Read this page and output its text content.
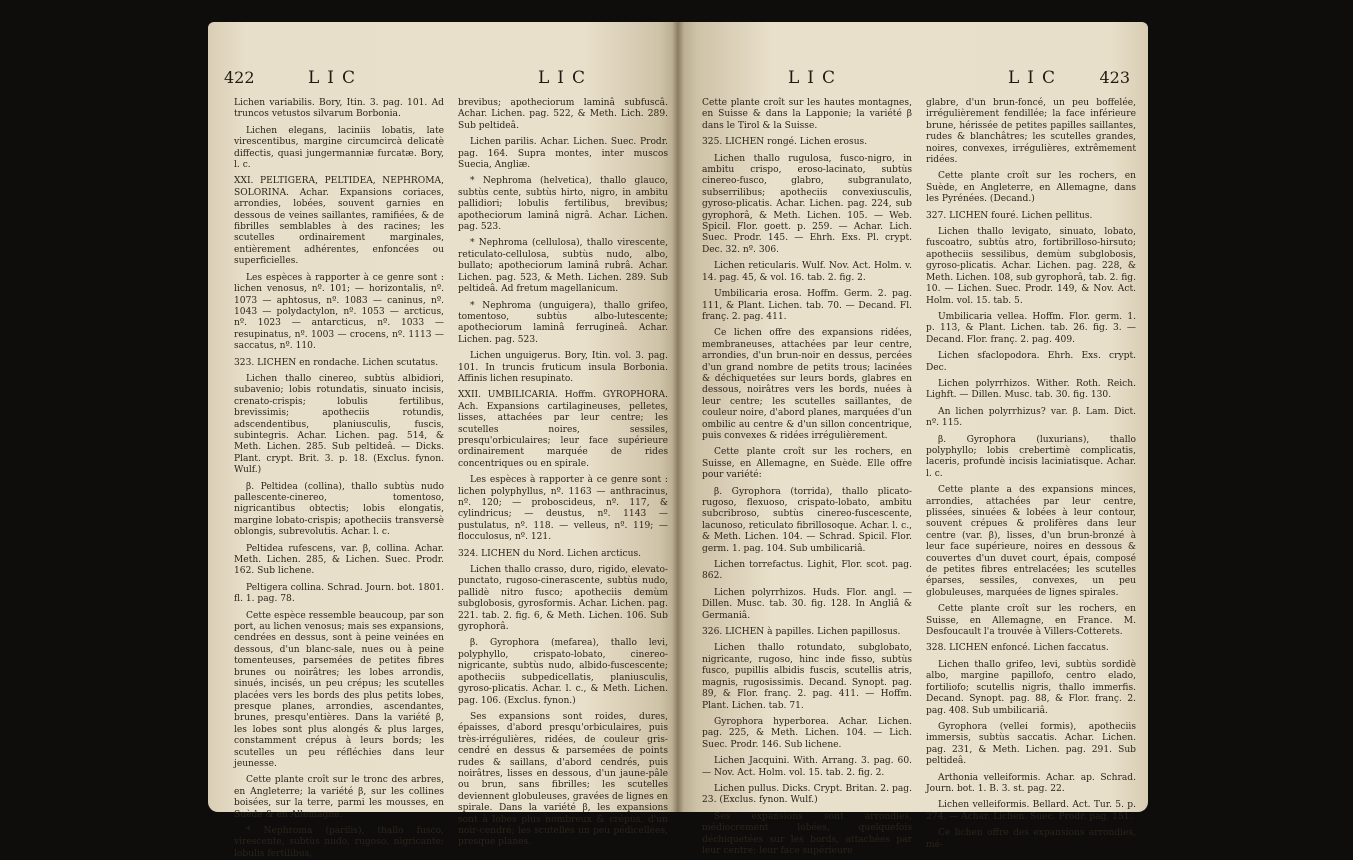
422	LIC	LIC

Lichen variabilis. Bory, Itin. 3. pag. 101. Ad truncos vetustos silvarum Borbonia.

Lichen elegans, laciniis lobatis, late virescentibus, margine circumcircà delicatè diffectis, quasi jungermanniæ furcatæ. Bory, l. c.

XXI. PELTIGERA, PELTIDEA, NEPHROMA, SOLORINA. Achar. Expansions coriaces, arrondies, lobées, souvent garnies en dessous de veines saillantes, ramifiées, & de fibrilles semblables à des racines; les scutelles ordinairement marginales, entièrement adhérentes, enfoncées ou superficielles.

Les espèces à rapporter à ce genre sont : lichen venosus, nº. 101; — horizontalis, nº. 1073 — aphtosus, nº. 1083 — caninus, nº. 1043 — polydactylon, nº. 1053 — arcticus, nº. 1023 — antarcticus, nº. 1033 — resupinatus, nº. 1003 — crocens, nº. 1113 — saccatus, nº. 110.

323. LICHEN en rondache. Lichen scutatus.

Lichen thallo cinereo, subtùs albidiori, subavenio; lobis rotundatis, sinuato incisis, crenato-crispis; lobulis fertilibus, brevissimis; apotheciis rotundis, adscendentibus, planiusculis, fuscis, subintegris. Achar. Lichen. pag. 514, & Meth. Lichen. 285. Sub peltideâ. — Dicks. Plant. crypt. Brit. 3. p. 18. (Exclus. fynon. Wulf.)

β. Peltidea (collina), thallo subtùs nudo pallescente-cinereo, tomentoso, nigricantibus obtectis; lobis elongatis, margine lobato-crispis; apotheciis transversè oblongis, subrevolutis. Achar. l. c.

Peltidea rufescens, var. β, collina. Achar. Meth. Lichen. 285, & Lichen. Suec. Prodr. 162. Sub lichene.

Peltigera collina. Schrad. Journ. bot. 1801. fl. 1. pag. 78.

Cette espèce ressemble beaucoup, par son port, au lichen venosus; mais ses expansions, cendrées en dessus, sont à peine veinées en dessous, d'un blanc-sale, nues ou à peine tomenteuses, parsemées de petites fibres brunes ou noirâtres; les lobes arrondis, sinués, incisés, un peu crépus; les scutelles placées vers les bords des plus petits lobes, presque planes, arrondies, ascendantes, brunes, presqu'entières. Dans la variété β, les lobes sont plus alongés & plus larges, constamment crépus à leurs bords; les scutelles un peu réfléchies dans leur jeunesse.

Cette plante croît sur le tronc des arbres, en Angleterre; la variété β, sur les collines boisées, sur la terre, parmi les mousses, en Suède & en Allemagne.

* Nephroma (parilis), thallo fusco, virescente, subtùs nudo, rugoso, nigricante; lobulis fertilibus,

brevibus; apotheciorum laminâ subfuscâ. Achar. Lichen. pag. 522, & Meth. Lich. 289. Sub peltideâ.

Lichen parilis. Achar. Lichen. Suec. Prodr. pag. 164. Supra montes, inter muscos Suecia, Angliæ.

* Nephroma (helvetica), thallo glauco, subtùs cente, subtùs hirto, nigro, in ambitu pallidiori; lobulis fertilibus, brevibus; apotheciorum laminâ nigrâ. Achar. Lichen. pag. 523.

* Nephroma (cellulosa), thallo virescente, reticulato-cellulosa, subtùs nudo, albo, bullato; apotheciorum laminâ rubrâ. Achar. Lichen. pag. 523, & Meth. Lichen. 289. Sub peltideâ. Ad fretum magellanicum.

* Nephroma (unguigera), thallo grifeo, tomentoso, subtùs albo-lutescente; apotheciorum laminâ ferrugineâ. Achar. Lichen. pag. 523.

Lichen unguigerus. Bory, Itin. vol. 3. pag. 101. In truncis fruticum insula Borbonia. Affinis lichen resupinato.

XXII. UMBILICARIA. Hoffm. GYROPHORA. Ach. Expansions cartilagineuses, pelletes, lisses, attachées par leur centre; les scutelles noires, sessiles, presqu'orbiculaires; leur face supérieure ordinairement marquée de rides concentriques ou en spirale.

Les espèces à rapporter à ce genre sont : lichen polyphyllus, nº. 1163 — anthracinus, nº. 120; — proboscideus, nº. 117, & cylindricus; — deustus, nº. 1143 — pustulatus, nº. 118. — velleus, nº. 119; — flocculosus, nº. 121.

324. LICHEN du Nord. Lichen arcticus.

Lichen thallo crasso, duro, rigido, elevato-punctato, rugoso-cinerascente, subtùs nudo, pallidè nitro fusco; apotheciis demùm subglobosis, gyrosformis. Achar. Lichen. pag. 221. tab. 2. fig. 6, & Meth. Lichen. 106. Sub gyrophorâ.

β. Gyrophora (mefarea), thallo levi, polyphyllo, crispato-lobato, cinereo-nigricante, subtùs nudo, albido-fuscescente; apotheciis subpedicellatis, planiusculis, gyroso-plicatis. Achar. l. c., & Meth. Lichen. pag. 106. (Exclus. fynon.)

Ses expansions sont roides, dures, épaisses, d'abord presqu'orbiculaires, puis très-irrégulières, ridées, de couleur gris-cendré en dessus & parsemées de points rudes & saillans, d'abord cendrés, puis noirâtres, lisses en dessous, d'un jaune-pâle ou brun, sans fibrilles; les scutelles deviennent globuleuses, gravées de lignes en spirale. Dans la variété β, les expansions sont à lobes plus nombreux & crépus, d'un noir-cendré; les scutelles un peu pédicellées, presque planes.

LIC	LIC 423

Cette plante croît sur les hautes montagnes, en Suisse & dans la Lapponie; la variété β dans le Tirol & la Suisse.

325. LICHEN rongé. Lichen erosus.

Lichen thallo rugulosa, fusco-nigro, in ambitu crispo, eroso-lacinato, subtùs cinereo-fusco, glabro, subgranulato, subserrilibus; apotheciis convexiusculis, gyroso-plicatis. Achar. Lichen. pag. 224, sub gyrophorâ, & Meth. Lichen. 105. — Web. Spicil. Flor. goett. p. 259. — Achar. Lich. Suec. Prodr. 145. — Ehrh. Exs. Pl. crypt. Dec. 32. nº. 306.

Lichen reticularis. Wulf. Nov. Act. Holm. v. 14. pag. 45, & vol. 16. tab. 2. fig. 2.

Umbilicaria erosa. Hoffm. Germ. 2. pag. 111, & Plant. Lichen. tab. 70. — Decand. Fl. franç. 2. pag. 411.

Ce lichen offre des expansions ridées, membraneuses, attachées par leur centre, arrondies, d'un brun-noir en dessus, percées d'un grand nombre de petits trous; lacinées & déchiquetées sur leurs bords, glabres en dessous, noirâtres vers les bords, nuées à leur centre; les scutelles saillantes, de couleur noire, d'abord planes, marquées d'un ombilic au centre & d'un sillon concentrique, puis convexes & ridées irrégulièrement.

Cette plante croît sur les rochers, en Suisse, en Allemagne, en Suède. Elle offre pour variété:

β. Gyrophora (torrida), thallo plicato-rugoso, flexuoso, crispato-lobato, ambitu subcribroso, subtùs cinereo-fuscescente, lacunoso, reticulato fibrillosoque. Achar. l. c., & Meth. Lichen. 104. — Schrad. Spicil. Flor. germ. 1. pag. 104. Sub umbilicariâ.

Lichen torrefactus. Lighit, Flor. scot. pag. 862.

Lichen polyrrhizos. Huds. Flor. angl. — Dillen. Musc. tab. 30. fig. 128. In Angliâ & Germaniâ.

326. LICHEN à papilles. Lichen papillosus.

Lichen thallo rotundato, subglobato, nigricante, rugoso, hinc inde fisso, subtùs fusco, pupillis albidis fuscis, scutellis atris, magnis, rugosissimis. Decand. Synopt. pag. 89, & Flor. franç. 2. pag. 411. — Hoffm. Plant. Lichen. tab. 71.

Gyrophora hyperborea. Achar. Lichen. pag. 225, & Meth. Lichen. 104. — Lich. Suec. Prodr. 146. Sub lichene.

Lichen Jacquini. With. Arrang. 3. pag. 60. — Nov. Act. Holm. vol. 15. tab. 2. fig. 2.

Lichen pullus. Dicks. Crypt. Britan. 2. pag. 23. (Exclus. fynon. Wulf.)

Ses expansions sont arrondies, médiocrement lobées, quelquefois déchiquetées sur les bords, attachées par leur centre; leur face supérieure

glabre, d'un brun-foncé, un peu boffelée, irrégulièrement fendillée; la face inférieure brune, hérissée de petites papilles saillantes, rudes & blanchâtres; les scutelles grandes, noires, convexes, irrégulières, extrêmement ridées.

Cette plante croît sur les rochers, en Suède, en Angleterre, en Allemagne, dans les Pyrénées. (Decand.)

327. LICHEN fouré. Lichen pellitus.

Lichen thallo levigato, sinuato, lobato, fuscoatro, subtùs atro, fortibrilloso-hirsuto; apotheciis sessilibus, demùm subglobosis, gyroso-plicatis. Achar. Lichen. pag. 228, & Meth. Lichen. 108, sub gyrophorâ, tab. 2. fig. 10. — Lichen. Suec. Prodr. 149, & Nov. Act. Holm. vol. 15. tab. 5.

Umbilicaria vellea. Hoffm. Flor. germ. 1. p. 113, & Plant. Lichen. tab. 26. fig. 3. — Decand. Flor. franç. 2. pag. 409.

Lichen sfaclopodora. Ehrh. Exs. crypt. Dec.

Lichen polyrrhizos. Wither. Roth. Reich. Lighft. — Dillen. Musc. tab. 30. fig. 130.

An lichen polyrrhizus? var. β. Lam. Dict. nº. 115.

β. Gyrophora (luxurians), thallo polyphyllo; lobis crebertimè complicatis, laceris, profundè incisis laciniatisque. Achar. l. c.

Cette plante a des expansions minces, arrondies, attachées par leur centre, plissées, sinuées & lobées à leur contour, souvent crépues & prolifères dans leur centre (var. β), lisses, d'un brun-bronzé à leur face supérieure, noires en dessous & couvertes d'un duvet court, épais, composé de petites fibres entrelacées; les scutelles éparses, sessiles, convexes, un peu globuleuses, marquées de lignes spirales.

Cette plante croît sur les rochers, en Suisse, en Allemagne, en France. M. Desfoucault l'a trouvée à Villers-Cotterets.

328. LICHEN enfoncé. Lichen faccatus.

Lichen thallo grifeo, levi, subtùs sordidè albo, margine papillofo, centro elado, fortiliofo; scutellis nigris, thallo immerfis. Decand. Synopt. pag. 88, & Flor. franç. 2. pag. 408. Sub umbilicariâ.

Gyrophora (vellei formis), apotheciis immersis, subtùs saccatis. Achar. Lichen. pag. 231, & Meth. Lichen. pag. 291. Sub peltideâ.

Arthonia velleiformis. Achar. ap. Schrad. Journ. bot. 1. B. 3. st. pag. 22.

Lichen velleiformis. Bellard. Act. Tur. 5. p. 274. — Achar. Lichen. Suec. Prodr. pag. 151.

Ce lichen offre des expansions arrondies, mé-
